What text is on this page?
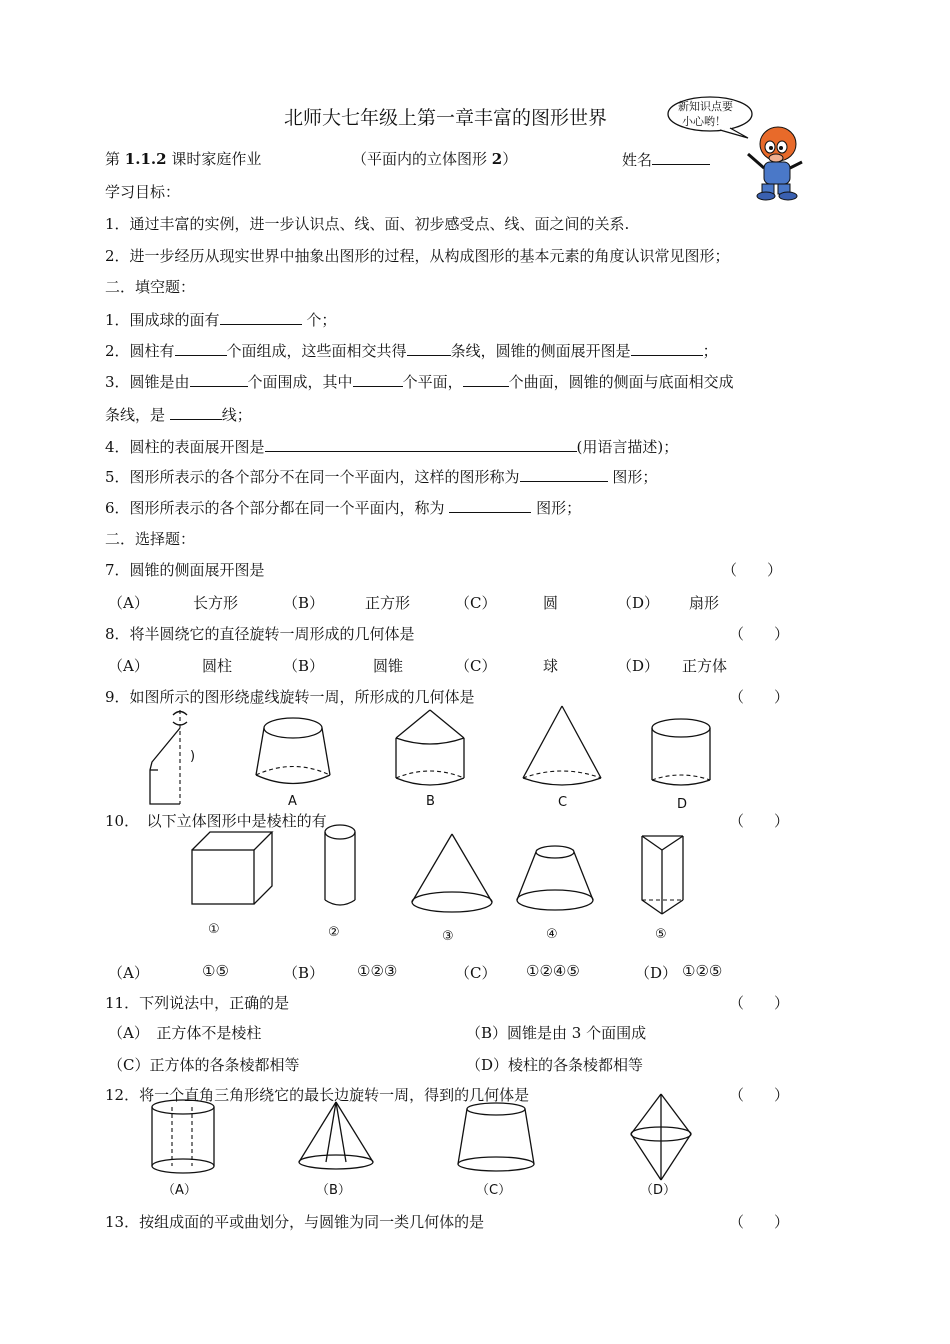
北师大七年级上第一章丰富的图形世界
新知识点要
小心哟！
第 1.1.2 课时家庭作业	（平面内的立体图形 2）	姓名
学习目标：
1．通过丰富的实例，进一步认识点、线、面、初步感受点、线、面之间的关系.
2．进一步经历从现实世界中抽象出图形的过程，从构成图形的基本元素的角度认识常见图形；
二．填空题：
1．围成球的面有	个；
2．圆柱有	个面组成，这些面相交共得	条线，圆锥的侧面展开图是	；
3．圆锥是由	个面围成，其中	个平面，	个曲面，圆锥的侧面与底面相交成
条线，是	线；
4．圆柱的表面展开图是	(用语言描述)；
5．图形所表示的各个部分不在同一个平面内，这样的图形称为	图形；
6．图形所表示的各个部分都在同一个平面内，称为	图形；
二．选择题：
7．圆锥的侧面展开图是	（　　）
（A）	长方形	（B）	正方形	（C）	圆	（D） 扇形
8．将半圆绕它的直径旋转一周形成的几何体是	（　　）
（A）	圆柱	（B）	圆锥	（C）	球	（D） 正方体
9．如图所示的图形绕虚线旋转一周，所形成的几何体是	（　　）
)
A	B	C	D
10．　以下立体图形中是棱柱的有	（　　）
①	②	③	④	⑤
（A）	①⑤	（B） ①②③	（C） ①②④⑤	（D） ①②⑤
11．下列说法中，正确的是	（　　）
（A）　正方体不是棱柱	（B）圆锥是由 3 个面围成
（C）正方体的各条棱都相等	（D）棱柱的各条棱都相等
12．将一个直角三角形绕它的最长边旋转一周，得到的几何体是	（　　）
（A）	（B）	（C）	（D）
13．按组成面的平或曲划分，与圆锥为同一类几何体的是	（　　）
